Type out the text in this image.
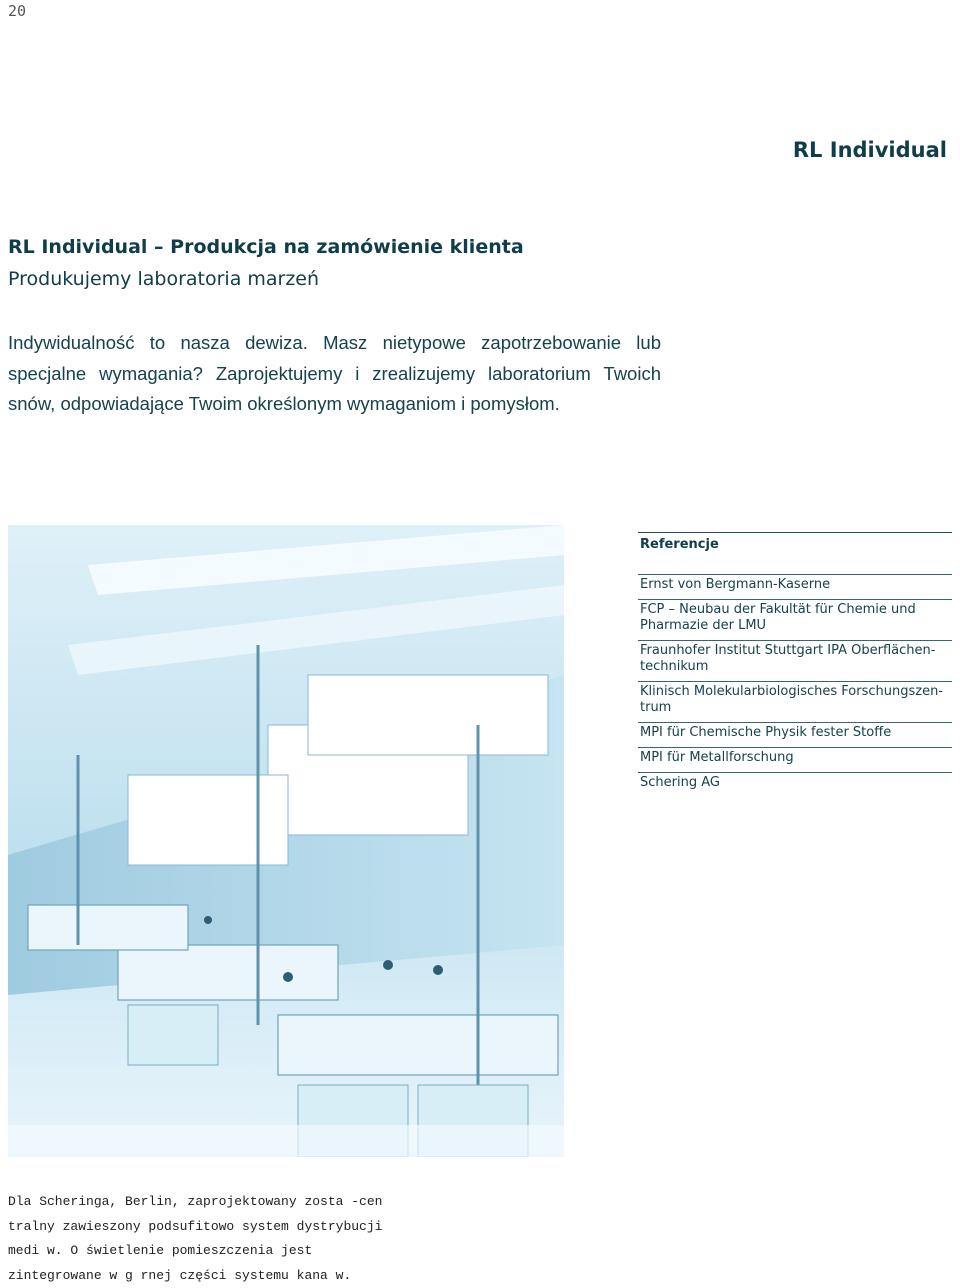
20
RL Individual
RL Individual – Produkcja na zamówienie klienta
Produkujemy laboratoria marzeń
Indywidualność to nasza dewiza. Masz nietypowe zapotrzebowanie lub specjalne wymagania? Zaprojektujemy i zrealizujemy laboratorium Twoich snów, odpowiadające Twoim określonym wymaganiom i pomysłom.
Referencje
Ernst von Bergmann-Kaserne
FCP – Neubau der Fakultät für Chemie und Pharmazie der LMU
Fraunhofer Institut Stuttgart IPA Oberflächen-technikum
Klinisch Molekularbiologisches Forschungszen-trum
MPI für Chemische Physik fester Stoffe
MPI für Metallforschung
Schering AG
Dla Scheringa, Berlin, zaprojektowany zosta -cen
tralny zawieszony podsufitowo system dystrybucji
medi w. O świetlenie pomieszczenia jest
zintegrowane w g rnej części systemu kana w.
